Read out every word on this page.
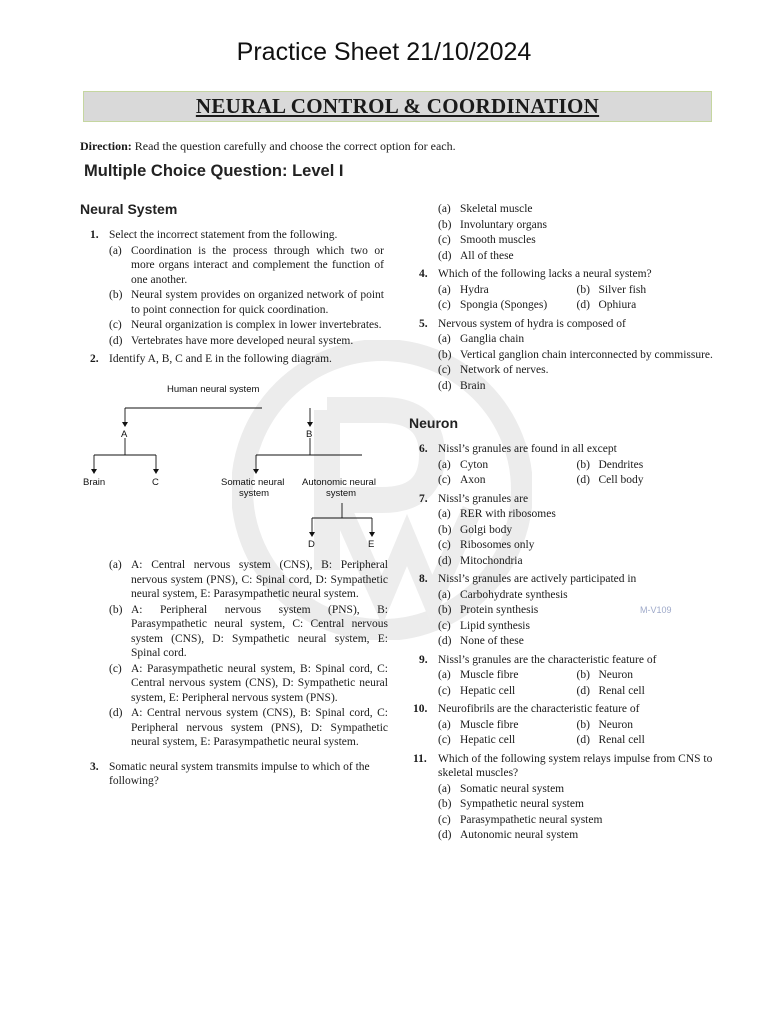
Practice Sheet 21/10/2024
NEURAL CONTROL & COORDINATION
Direction: Read the question carefully and choose the correct option for each.
Multiple Choice Question: Level I
Neural System
1. Select the incorrect statement from the following.
(a) Coordination is the process through which two or more organs interact and complement the function of one another.
(b) Neural system provides on organized network of point to point connection for quick coordination.
(c) Neural organization is complex in lower invertebrates.
(d) Vertebrates have more developed neural system.
2. Identify A, B, C and E in the following diagram.
Human neural system
A	B
Brain	C	Somatic neural
system
Autonomic neural
system
D	E
(a) A: Central nervous system (CNS), B: Peripheral nervous system (PNS), C: Spinal cord, D: Sympathetic neural system, E: Parasympathetic neural system.
(b) A: Peripheral nervous system (PNS), B: Parasympathetic neural system, C: Central nervous system (CNS), D: Sympathetic neural system, E: Spinal cord.
(c) A: Parasympathetic neural system, B: Spinal cord, C: Central nervous system (CNS), D: Sympathetic neural system, E: Peripheral nervous system (PNS).
(d) A: Central nervous system (CNS), B: Spinal cord, C: Peripheral nervous system (PNS), D: Sympathetic neural system, E: Parasympathetic neural system.
3. Somatic neural system transmits impulse to which of the following?
(a) Skeletal muscle
(b) Involuntary organs
(c) Smooth muscles
(d) All of these
4. Which of the following lacks a neural system?
(a) Hydra	(b) Silver fish
(c) Spongia (Sponges)	(d) Ophiura
5. Nervous system of hydra is composed of
(a) Ganglia chain
(b) Vertical ganglion chain interconnected by commissure.
(c) Network of nerves.
(d) Brain
Neuron
6. Nissl’s granules are found in all except
(a) Cyton	(b) Dendrites
(c) Axon	(d) Cell body
7. Nissl’s granules are
(a) RER with ribosomes
(b) Golgi body
(c) Ribosomes only
(d) Mitochondria
8. Nissl’s granules are actively participated in
(a) Carbohydrate synthesis
(b) Protein synthesis
(c) Lipid synthesis
(d) None of these
9. Nissl’s granules are the characteristic feature of
(a) Muscle fibre	(b) Neuron
(c) Hepatic cell	(d) Renal cell
10. Neurofibrils are the characteristic feature of
(a) Muscle fibre	(b) Neuron
(c) Hepatic cell	(d) Renal cell
11. Which of the following system relays impulse from CNS to skeletal muscles?
(a) Somatic neural system
(b) Sympathetic neural system
(c) Parasympathetic neural system
(d) Autonomic neural system
M-V109
